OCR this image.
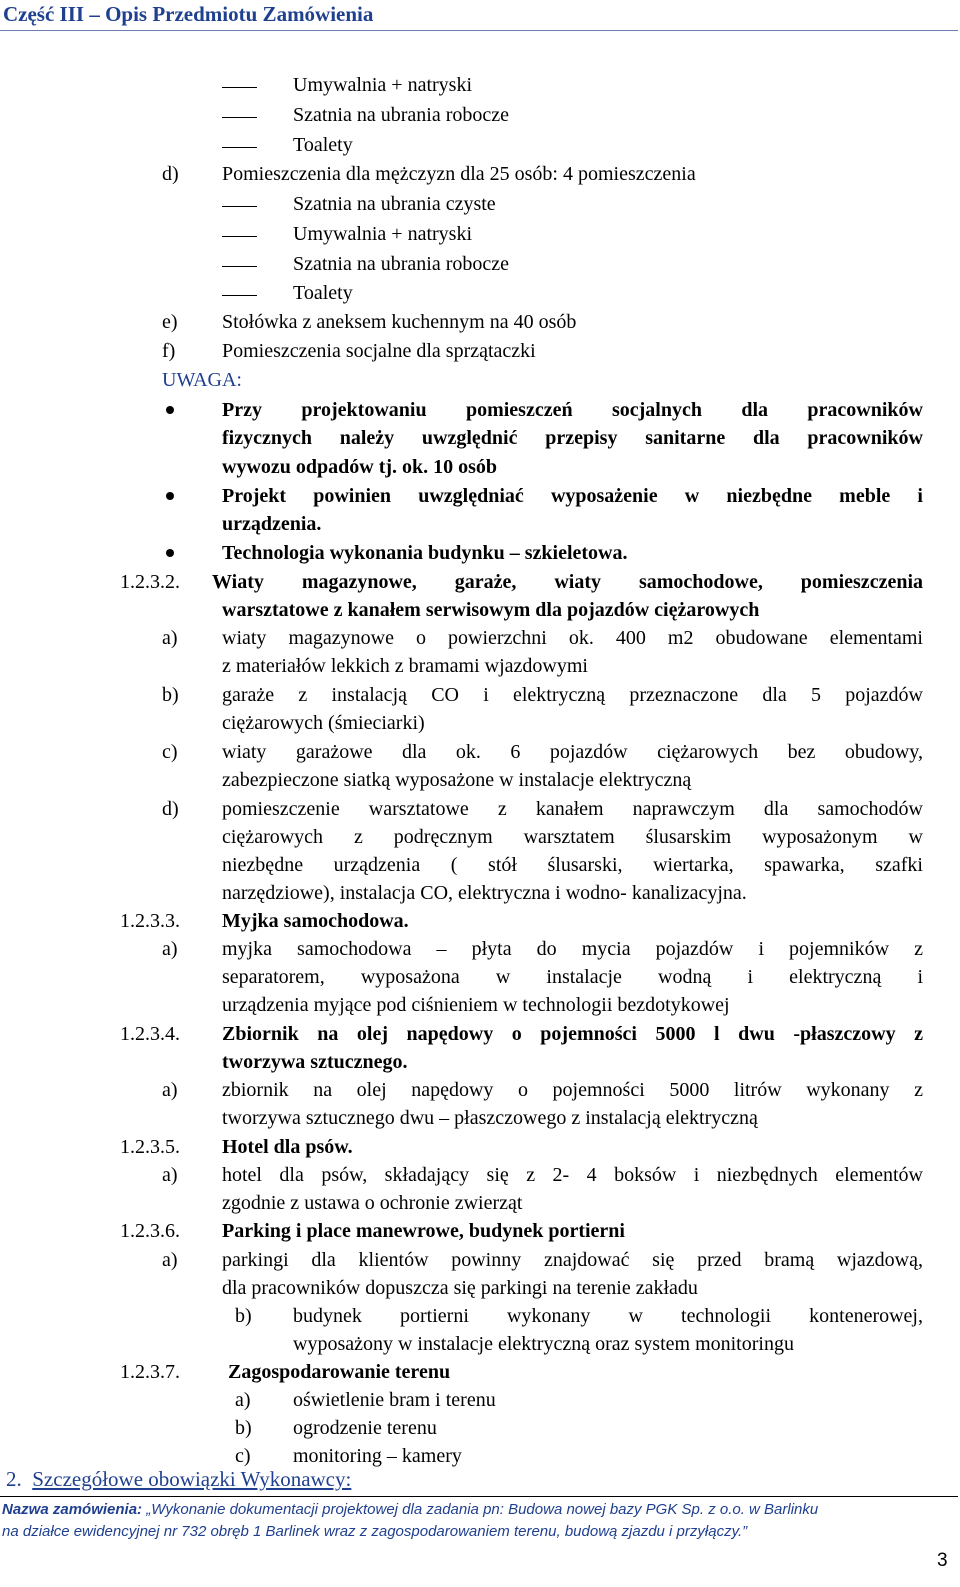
Część III – Opis Przedmiotu Zamówienia
Umywalnia + natryski
Szatnia na ubrania robocze
Toalety
d) Pomieszczenia dla mężczyzn dla 25 osób: 4 pomieszczenia
Szatnia na ubrania czyste
Umywalnia + natryski
Szatnia na ubrania robocze
Toalety
e) Stołówka z aneksem kuchennym na 40 osób
f) Pomieszczenia socjalne dla sprzątaczki
UWAGA:
Przy projektowaniu pomieszczeń socjalnych dla pracowników
fizycznych należy uwzględnić przepisy sanitarne dla pracowników
wywozu odpadów tj. ok. 10 osób
Projekt powinien uwzględniać wyposażenie w niezbędne meble i
urządzenia.
Technologia wykonania budynku – szkieletowa.
1.2.3.2. Wiaty magazynowe, garaże, wiaty samochodowe, pomieszczenia
warsztatowe z kanałem serwisowym dla pojazdów ciężarowych
a) wiaty magazynowe o powierzchni ok. 400 m2 obudowane elementami
z materiałów lekkich z bramami wjazdowymi
b) garaże z instalacją CO i elektryczną przeznaczone dla 5 pojazdów
ciężarowych (śmieciarki)
c) wiaty garażowe dla ok. 6 pojazdów ciężarowych bez obudowy,
zabezpieczone siatką wyposażone w instalacje elektryczną
d) pomieszczenie warsztatowe z kanałem naprawczym dla samochodów
ciężarowych z podręcznym warsztatem ślusarskim wyposażonym w
niezbędne urządzenia ( stół ślusarski, wiertarka, spawarka, szafki
narzędziowe), instalacja CO, elektryczna i wodno- kanalizacyjna.
1.2.3.3. Myjka samochodowa.
a) myjka samochodowa – płyta do mycia pojazdów i pojemników z
separatorem, wyposażona w instalacje wodną i elektryczną i
urządzenia myjące pod ciśnieniem w technologii bezdotykowej
1.2.3.4. Zbiornik na olej napędowy o pojemności 5000 l dwu -płaszczowy z
tworzywa sztucznego.
a) zbiornik na olej napędowy o pojemności 5000 litrów wykonany z
tworzywa sztucznego dwu – płaszczowego z instalacją elektryczną
1.2.3.5. Hotel dla psów.
a) hotel dla psów, składający się z 2- 4 boksów i niezbędnych elementów
zgodnie z ustawa o ochronie zwierząt
1.2.3.6. Parking i place manewrowe, budynek portierni
a) parkingi dla klientów powinny znajdować się przed bramą wjazdową,
dla pracowników dopuszcza się parkingi na terenie zakładu
b) budynek portierni wykonany w technologii kontenerowej,
wyposażony w instalacje elektryczną oraz system monitoringu
1.2.3.7. Zagospodarowanie terenu
a) oświetlenie bram i terenu
b) ogrodzenie terenu
c) monitoring – kamery
2. Szczegółowe obowiązki Wykonawcy:
Nazwa zamówienia: „Wykonanie dokumentacji projektowej dla zadania pn: Budowa nowej bazy PGK Sp. z o.o. w Barlinku
na działce ewidencyjnej nr 732 obręb 1 Barlinek wraz z zagospodarowaniem terenu, budową zjazdu i przyłączy.”
3
